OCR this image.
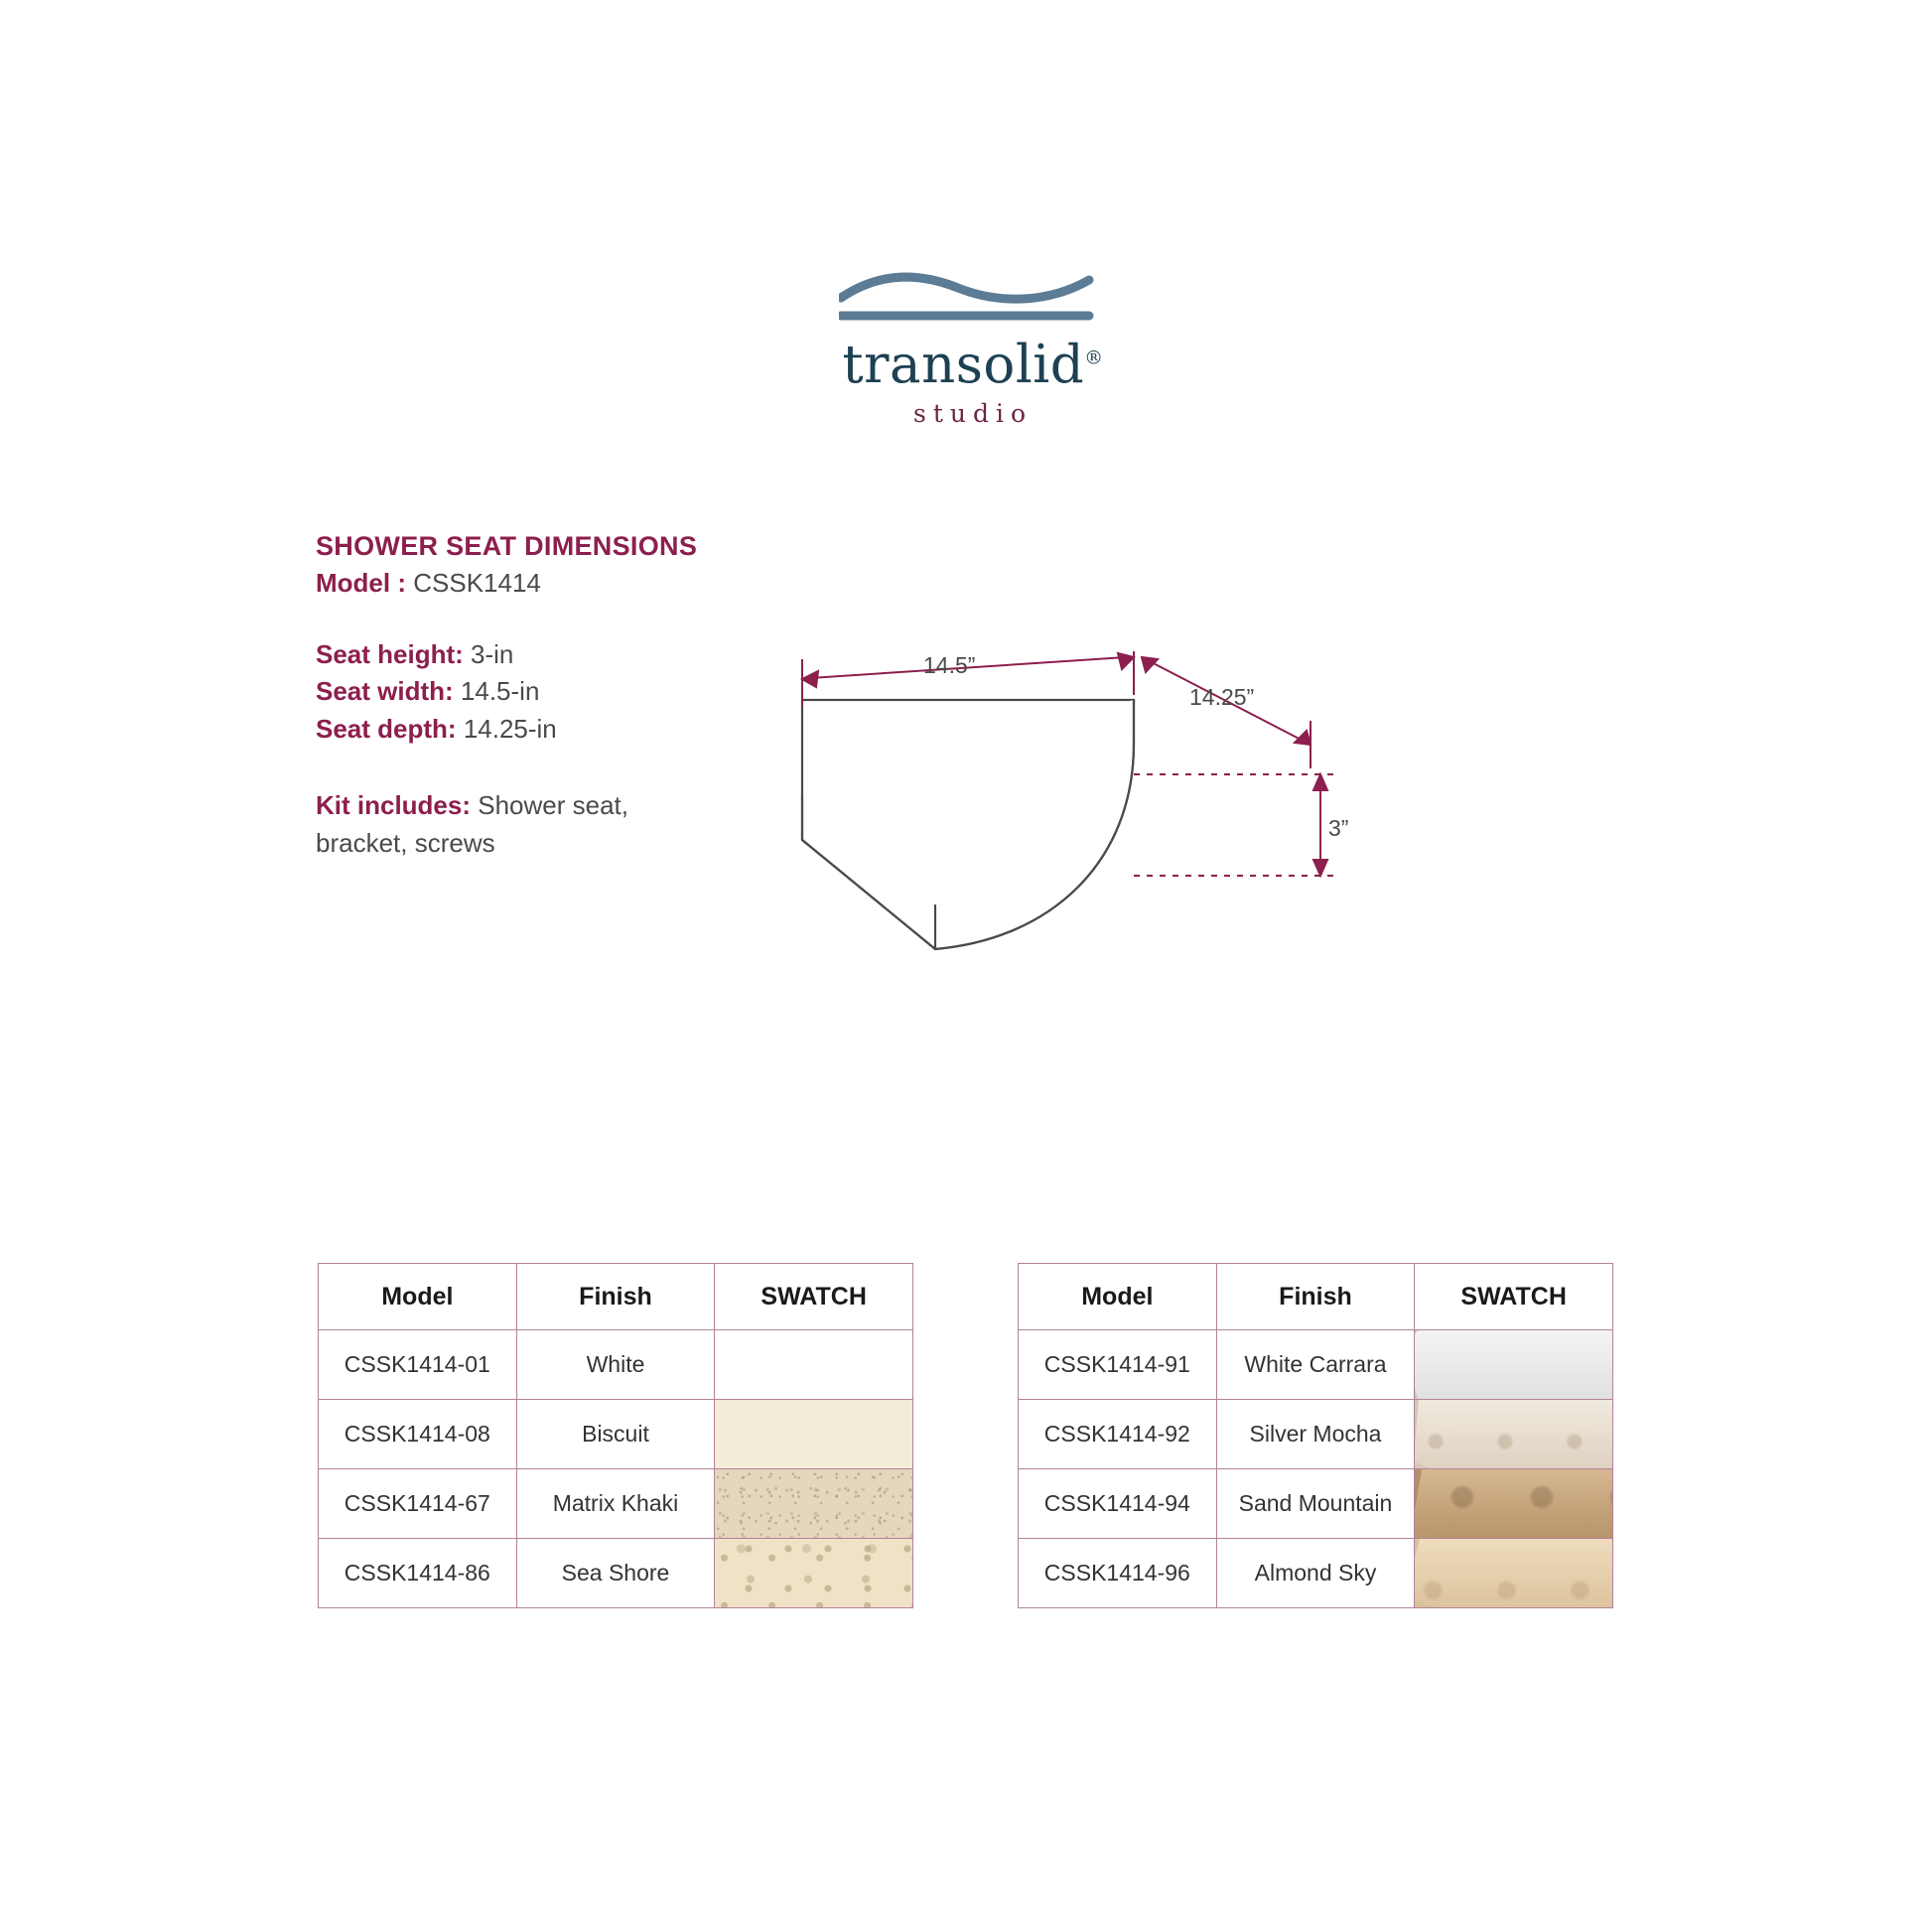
transolid®
studio
SHOWER SEAT DIMENSIONS
Model : CSSK1414
Seat height: 3-in
Seat width: 14.5-in
Seat depth: 14.25-in
Kit includes: Shower seat, bracket, screws
14.5”
14.25”
3”
Model	Finish	SWATCH
CSSK1414-01	White	

CSSK1414-08	Biscuit	

CSSK1414-67	Matrix Khaki	

CSSK1414-86	Sea Shore	
Model	Finish	SWATCH
CSSK1414-91	White Carrara	

CSSK1414-92	Silver Mocha	

CSSK1414-94	Sand Mountain	

CSSK1414-96	Almond Sky	
